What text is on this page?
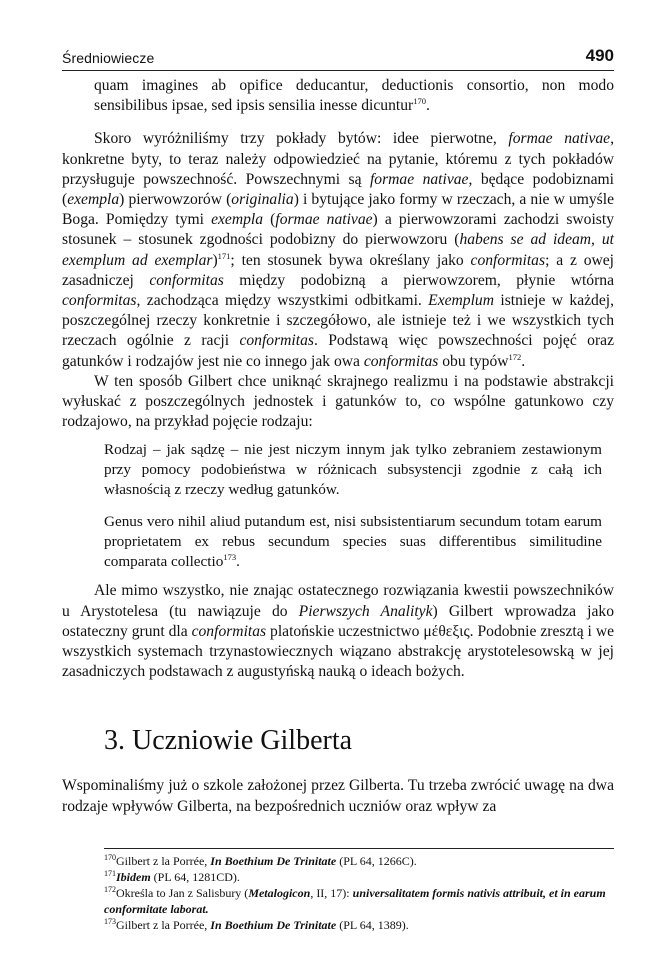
Średniowiecze	490

quam imagines ab opifice deducantur, deductionis consortio, non modo sensibilibus ipsae, sed ipsis sensilia inesse dicuntur$^{170}$.

Skoro wyróżniliśmy trzy pokłady bytów: idee pierwotne, formae nativae, konkretne byty, to teraz należy odpowiedzieć na pytanie, któremu z tych pokładów przysługuje powszechność. Powszechnymi są formae nativae, będące podobiznami (exempla) pierwowzorów (originalia) i bytujące jako formy w rzeczach, a nie w umyśle Boga. Pomiędzy tymi exempla (formae nativae) a pierwowzorami zachodzi swoisty stosunek – stosunek zgodności podobizny do pierwowzoru (habens se ad ideam, ut exemplum ad exemplar)$^{171}$; ten stosunek bywa określany jako conformitas; a z owej zasadniczej conformitas między podobizną a pierwowzorem, płynie wtórna conformitas, zachodząca między wszystkimi odbitkami. Exemplum istnieje w każdej, poszczególnej rzeczy konkretnie i szczegółowo, ale istnieje też i we wszystkich tych rzeczach ogólnie z racji conformitas. Podstawą więc powszechności pojęć oraz gatunków i rodzajów jest nie co innego jak owa conformitas obu typów$^{172}$.

W ten sposób Gilbert chce uniknąć skrajnego realizmu i na podstawie abstrakcji wyłuskać z poszczególnych jednostek i gatunków to, co wspólne gatunkowo czy rodzajowo, na przykład pojęcie rodzaju:

Rodzaj – jak sądzę – nie jest niczym innym jak tylko zebraniem zestawionym przy pomocy podobieństwa w różnicach subsystencji zgodnie z całą ich własnością z rzeczy według gatunków.

Genus vero nihil aliud putandum est, nisi subsistentiarum secundum totam earum proprietatem ex rebus secundum species suas differentibus similitudine comparata collectio$^{173}$.

Ale mimo wszystko, nie znając ostatecznego rozwiązania kwestii powszechników u Arystotelesa (tu nawiązuje do Pierwszych Analityk) Gilbert wprowadza jako ostateczny grunt dla conformitas platońskie uczestnictwo μέθεξις. Podobnie zresztą i we wszystkich systemach trzynastowiecznych wiązano abstrakcję arystotelesowską w jej zasadniczych podstawach z augustyńską nauką o ideach bożych.

3. Uczniowie Gilberta

Wspominaliśmy już o szkole założonej przez Gilberta. Tu trzeba zwrócić uwagę na dwa rodzaje wpływów Gilberta, na bezpośrednich uczniów oraz wpływ za

$^{170}$Gilbert z la Porrée, In Boethium De Trinitate (PL 64, 1266C).

$^{171}$Ibidem (PL 64, 1281CD).

$^{172}$Określa to Jan z Salisbury (Metalogicon, II, 17): universalitatem formis nativis attribuit, et in earum conformitate laborat.

$^{173}$Gilbert z la Porrée, In Boethium De Trinitate (PL 64, 1389).
